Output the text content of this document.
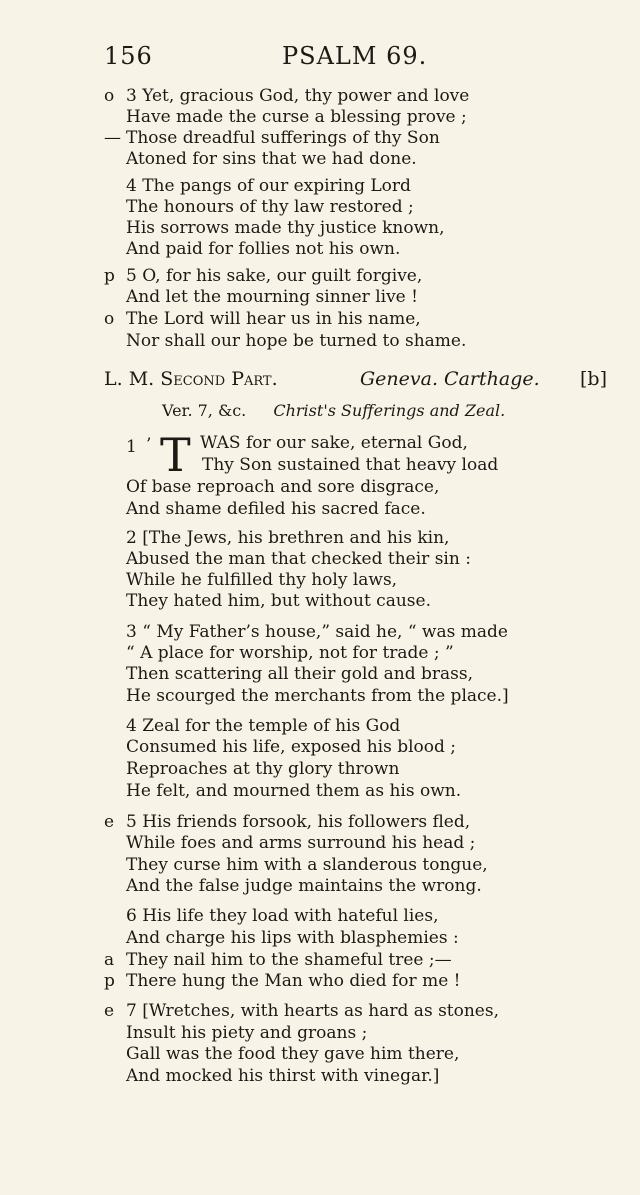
156	PSALM 69.
o 3 Yet, gracious God, thy power and love
Have made the curse a blessing prove ;
— Those dreadful sufferings of thy Son
Atoned for sins that we had done.
4 The pangs of our expiring Lord
The honours of thy law restored ;
His sorrows made thy justice known,
And paid for follies not his own.
p 5 O, for his sake, our guilt forgive,
And let the mourning sinner live !
o The Lord will hear us in his name,
Nor shall our hope be turned to shame.
L. M. Second Part.	Geneva. Carthage. [b]
Ver. 7, &c. Christ's Sufferings and Zeal.
1 ’ T WAS for our sake, eternal God,
Thy Son sustained that heavy load
Of base reproach and sore disgrace,
And shame defiled his sacred face.
2 [The Jews, his brethren and his kin,
Abused the man that checked their sin :
While he fulfilled thy holy laws,
They hated him, but without cause.
3 “ My Father’s house,” said he, “ was made
“ A place for worship, not for trade ; ”
Then scattering all their gold and brass,
He scourged the merchants from the place.]
4 Zeal for the temple of his God
Consumed his life, exposed his blood ;
Reproaches at thy glory thrown
He felt, and mourned them as his own.
e 5 His friends forsook, his followers fled,
While foes and arms surround his head ;
They curse him with a slanderous tongue,
And the false judge maintains the wrong.
6 His life they load with hateful lies,
And charge his lips with blasphemies :
a They nail him to the shameful tree ;—
p There hung the Man who died for me !
e 7 [Wretches, with hearts as hard as stones,
Insult his piety and groans ;
Gall was the food they gave him there,
And mocked his thirst with vinegar.]
